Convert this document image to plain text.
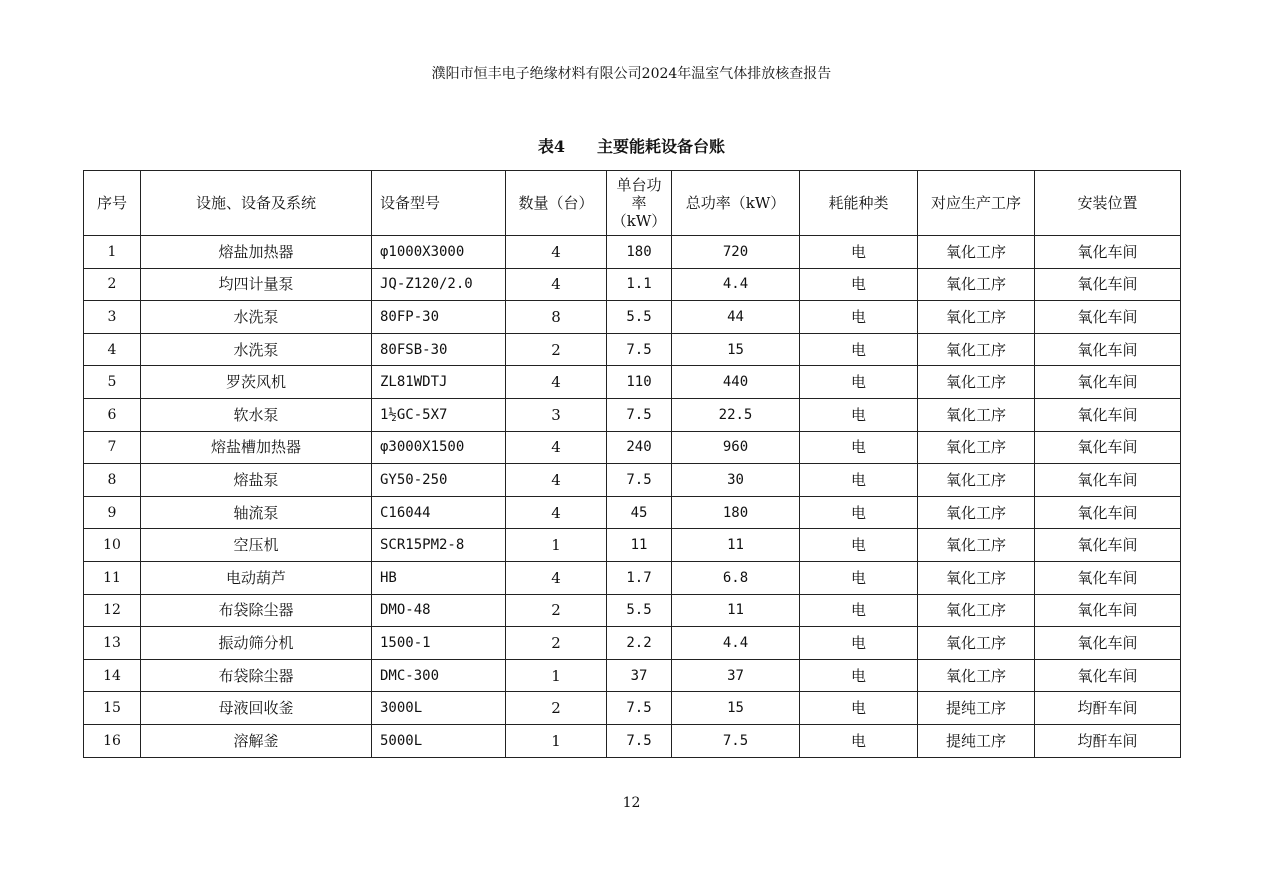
濮阳市恒丰电子绝缘材料有限公司2024年温室气体排放核查报告
表4　　主要能耗设备台账
序号	设施、设备及系统	设备型号	数量（台）	单台功率（kW）	总功率（kW）	耗能种类	对应生产工序	安装位置
1	熔盐加热器	φ1000X3000	4	180	720	电	氧化工序	氧化车间
2	均四计量泵	JQ-Z120/2.0	4	1.1	4.4	电	氧化工序	氧化车间
3	水洗泵	80FP-30	8	5.5	44	电	氧化工序	氧化车间
4	水洗泵	80FSB-30	2	7.5	15	电	氧化工序	氧化车间
5	罗茨风机	ZL81WDTJ	4	110	440	电	氧化工序	氧化车间
6	软水泵	1½GC-5X7	3	7.5	22.5	电	氧化工序	氧化车间
7	熔盐槽加热器	φ3000X1500	4	240	960	电	氧化工序	氧化车间
8	熔盐泵	GY50-250	4	7.5	30	电	氧化工序	氧化车间
9	轴流泵	C16044	4	45	180	电	氧化工序	氧化车间
10	空压机	SCR15PM2-8	1	11	11	电	氧化工序	氧化车间
11	电动葫芦	HB	4	1.7	6.8	电	氧化工序	氧化车间
12	布袋除尘器	DMO-48	2	5.5	11	电	氧化工序	氧化车间
13	振动筛分机	1500-1	2	2.2	4.4	电	氧化工序	氧化车间
14	布袋除尘器	DMC-300	1	37	37	电	氧化工序	氧化车间
15	母液回收釜	3000L	2	7.5	15	电	提纯工序	均酐车间
16	溶解釜	5000L	1	7.5	7.5	电	提纯工序	均酐车间
12
